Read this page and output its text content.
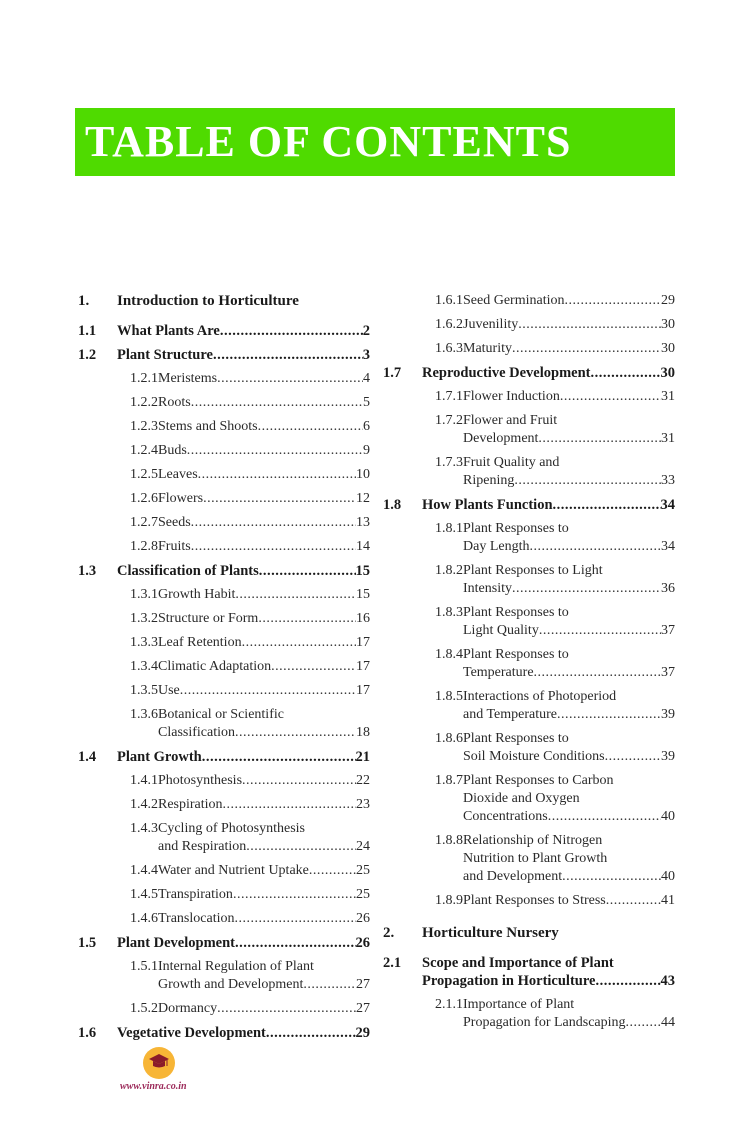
TABLE OF CONTENTS
1. Introduction to Horticulture
1.1 What Plants Are .....	2
1.2 Plant Structure .....	3
1.2.1 Meristems .....	4
1.2.2 Roots .....	5
1.2.3 Stems and Shoots .....	6
1.2.4 Buds .....	9
1.2.5 Leaves .....	10
1.2.6 Flowers .....	12
1.2.7 Seeds .....	13
1.2.8 Fruits .....	14
1.3 Classification of Plants .....	15
1.3.1 Growth Habit .....	15
1.3.2 Structure or Form .....	16
1.3.3 Leaf Retention .....	17
1.3.4 Climatic Adaptation .....	17
1.3.5 Use .....	17
1.3.6 Botanical or Scientific
Classification .....	18
1.4 Plant Growth .....	21
1.4.1 Photosynthesis .....	22
1.4.2 Respiration .....	23
1.4.3 Cycling of Photosynthesis
and Respiration .....	24
1.4.4 Water and Nutrient Uptake .....	25
1.4.5 Transpiration .....	25
1.4.6 Translocation .....	26
1.5 Plant Development .....	26
1.5.1 Internal Regulation of Plant
Growth and Development .....	27
1.5.2 Dormancy .....	27
1.6 Vegetative Development .....	29
1.6.1 Seed Germination .....	29
1.6.2 Juvenility .....	30
1.6.3 Maturity .....	30
1.7 Reproductive Development .....	30
1.7.1 Flower Induction .....	31
1.7.2 Flower and Fruit
Development .....	31
1.7.3 Fruit Quality and
Ripening .....	33
1.8 How Plants Function .....	34
1.8.1 Plant Responses to
Day Length .....	34
1.8.2 Plant Responses to Light
Intensity .....	36
1.8.3 Plant Responses to
Light Quality .....	37
1.8.4 Plant Responses to
Temperature .....	37
1.8.5 Interactions of Photoperiod
and Temperature .....	39
1.8.6 Plant Responses to
Soil Moisture Conditions .....	39
1.8.7 Plant Responses to Carbon
Dioxide and Oxygen
Concentrations .....	40
1.8.8 Relationship of Nitrogen
Nutrition to Plant Growth
and Development .....	40
1.8.9 Plant Responses to Stress .....	41
2. Horticulture Nursery
2.1 Scope and Importance of Plant
Propagation in Horticulture .....	43
2.1.1 Importance of Plant
Propagation for Landscaping .....	44
www.vinra.co.in
